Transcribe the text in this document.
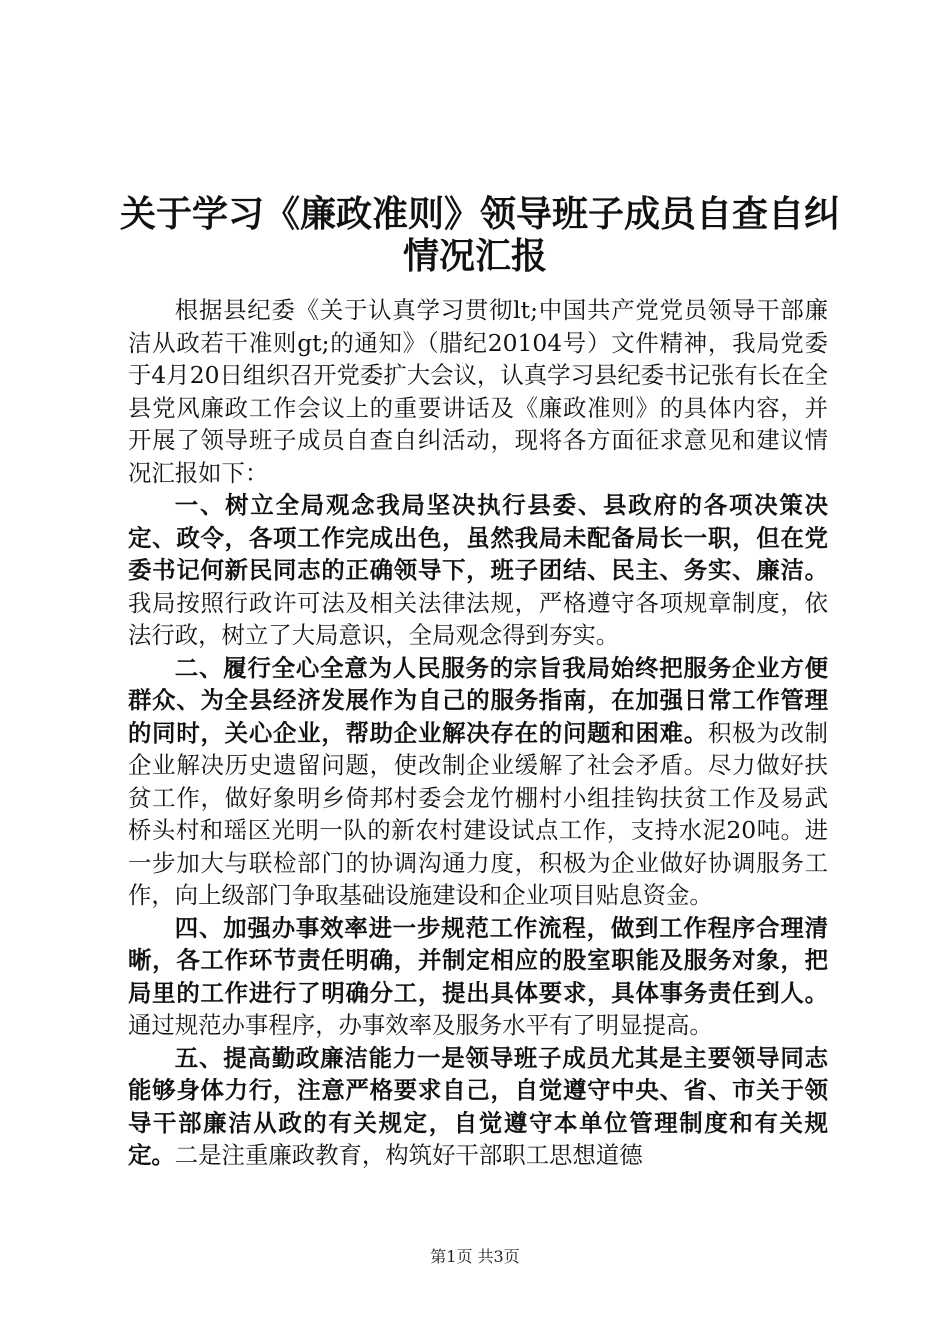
关于学习《廉政准则》领导班子成员自查自纠
情况汇报

根据县纪委《关于认真学习贯彻lt;中国共产党党员领导干部廉洁从政若干准则gt;的通知》（腊纪20104号）文件精神，我局党委于4月20日组织召开党委扩大会议，认真学习县纪委书记张有长在全县党风廉政工作会议上的重要讲话及《廉政准则》的具体内容，并开展了领导班子成员自查自纠活动，现将各方面征求意见和建议情况汇报如下：

一、树立全局观念我局坚决执行县委、县政府的各项决策决定、政令，各项工作完成出色，虽然我局未配备局长一职，但在党委书记何新民同志的正确领导下，班子团结、民主、务实、廉洁。我局按照行政许可法及相关法律法规，严格遵守各项规章制度，依法行政，树立了大局意识，全局观念得到夯实。

二、履行全心全意为人民服务的宗旨我局始终把服务企业方便群众、为全县经济发展作为自己的服务指南，在加强日常工作管理的同时，关心企业，帮助企业解决存在的问题和困难。积极为改制企业解决历史遗留问题，使改制企业缓解了社会矛盾。尽力做好扶贫工作，做好象明乡倚邦村委会龙竹棚村小组挂钩扶贫工作及易武桥头村和瑶区光明一队的新农村建设试点工作，支持水泥20吨。进一步加大与联检部门的协调沟通力度，积极为企业做好协调服务工作，向上级部门争取基础设施建设和企业项目贴息资金。

四、加强办事效率进一步规范工作流程，做到工作程序合理清晰，各工作环节责任明确，并制定相应的股室职能及服务对象，把局里的工作进行了明确分工，提出具体要求，具体事务责任到人。通过规范办事程序，办事效率及服务水平有了明显提高。

五、提高勤政廉洁能力一是领导班子成员尤其是主要领导同志能够身体力行，注意严格要求自己，自觉遵守中央、省、市关于领导干部廉洁从政的有关规定，自觉遵守本单位管理制度和有关规定。二是注重廉政教育，构筑好干部职工思想道德

第1页 共3页
